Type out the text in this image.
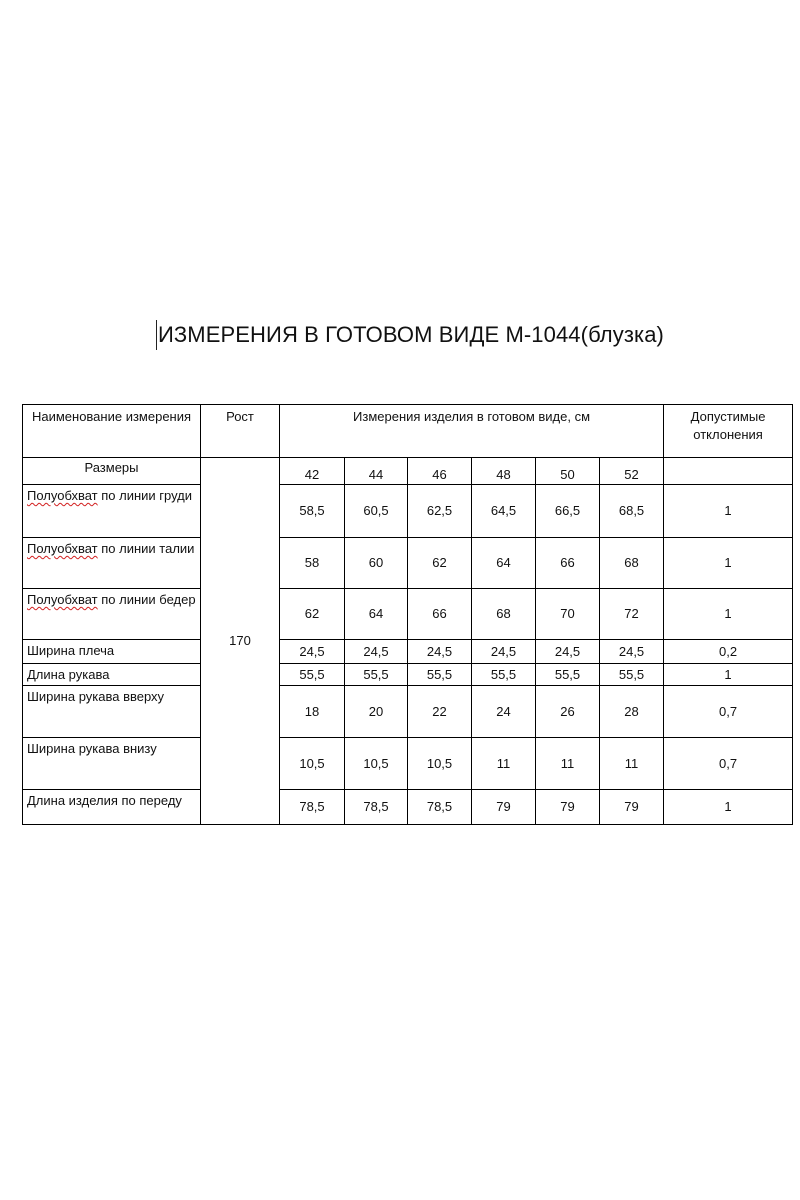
ИЗМЕРЕНИЯ В ГОТОВОМ ВИДЕ М-1044(блузка)
Наименование измерения	Рост	Измерения изделия в готовом виде, см						Допустимые отклонения
Размеры	170	42	44	46	48	50	52	
Полуобхват по линии груди		58,5	60,5	62,5	64,5	66,5	68,5	1
Полуобхват по линии талии		58	60	62	64	66	68	1
Полуобхват по линии бедер		62	64	66	68	70	72	1
Ширина плеча		24,5	24,5	24,5	24,5	24,5	24,5	0,2
Длина рукава		55,5	55,5	55,5	55,5	55,5	55,5	1
Ширина рукава вверху		18	20	22	24	26	28	0,7
Ширина рукава внизу		10,5	10,5	10,5	11	11	11	0,7
Длина изделия по переду		78,5	78,5	78,5	79	79	79	1
